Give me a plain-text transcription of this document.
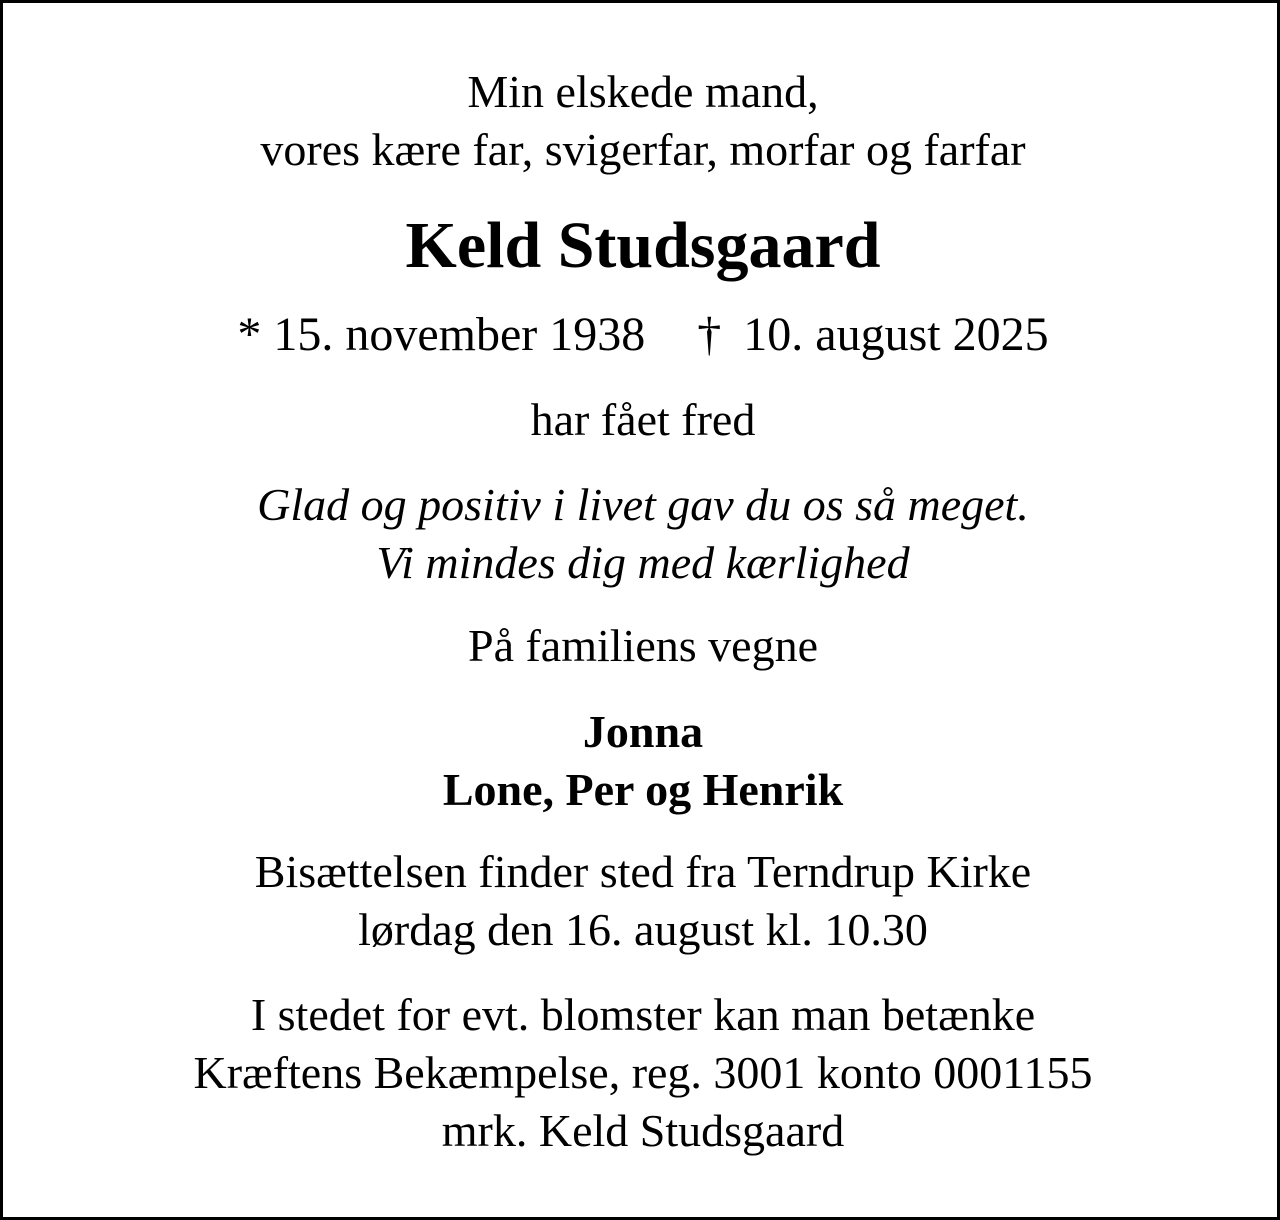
Min elskede mand,
vores kære far, svigerfar, morfar og farfar
Keld Studsgaard
* 15. november 1938 † 10. august 2025
har fået fred
Glad og positiv i livet gav du os så meget.
Vi mindes dig med kærlighed
På familiens vegne
Jonna
Lone, Per og Henrik
Bisættelsen finder sted fra Terndrup Kirke
lørdag den 16. august kl. 10.30
I stedet for evt. blomster kan man betænke
Kræftens Bekæmpelse, reg. 3001 konto 0001155
mrk. Keld Studsgaard
